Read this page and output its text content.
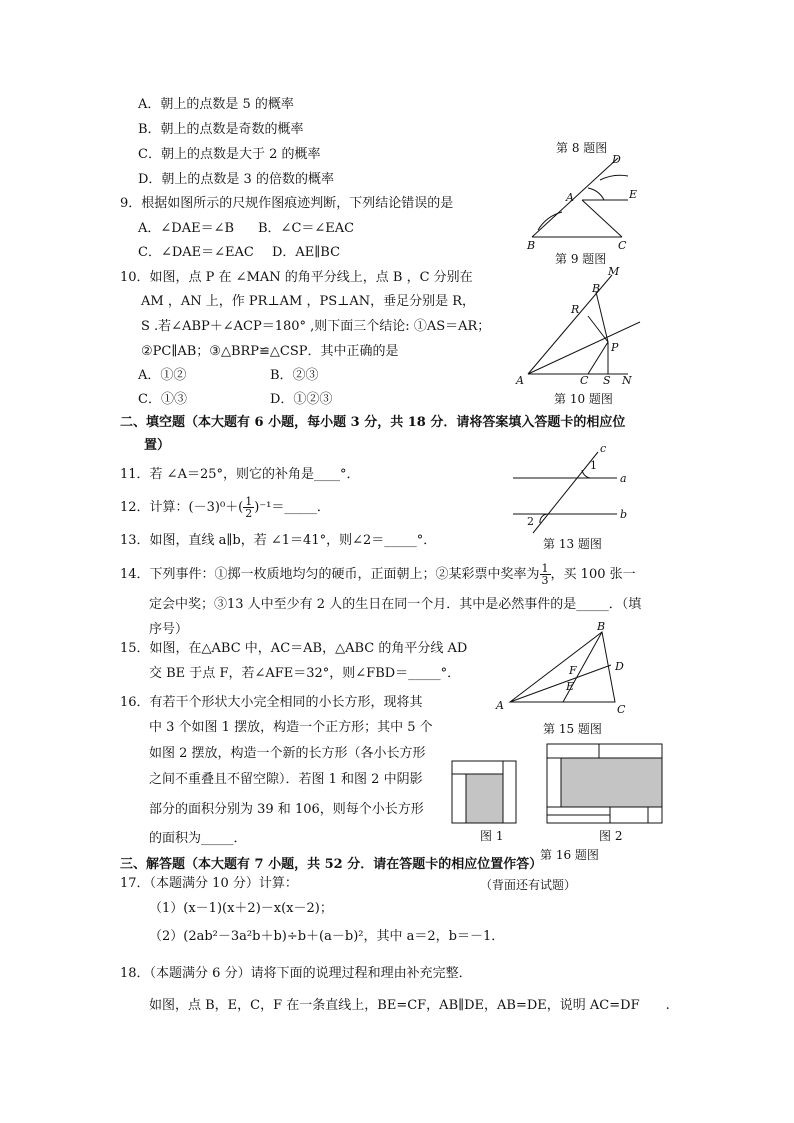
A．朝上的点数是 5 的概率
B．朝上的点数是奇数的概率
C．朝上的点数是大于 2 的概率
D．朝上的点数是 3 的倍数的概率
第 8 题图
9．根据如图所示的尺规作图痕迹判断，下列结论错误的是
A．∠DAE＝∠B B．∠C＝∠EAC
C．∠DAE＝∠EAC D．AE∥BC
D
E
A
B	C
第 9 题图
10．如图，点 P 在 ∠MAN 的角平分线上，点 B ，C 分别在
AM ，AN 上，作 PR⊥AM ，PS⊥AN，垂足分别是 R，
S .若∠ABP＋∠ACP＝180° ,则下面三个结论: ①AS＝AR；
②PC∥AB；③△BRP≌△CSP．其中正确的是
A．①②	B．②③
C．①③	D．①②③
M
B
R
P
A	C S N
第 10 题图
二、填空题（本大题有 6 小题，每小题 3 分，共 18 分．请将答案填入答题卡的相应位
置）
11．若 ∠A＝25°，则它的补角是____°．
12．计算：$(-3)^0+( \frac{1}{2}$ )⁻¹＝_____．
13．如图，直线 a∥b，若 ∠1＝41°，则∠2＝_____°．
c
a
b
1
2
第 13 题图
14．下列事件：①掷一枚质地均匀的硬币，正面朝上；②某彩票中奖率为 $\frac{1}{3}$ ，买 100 张一
定会中奖；③13 人中至少有 2 人的生日在同一个月．其中是必然事件的是_____．（填
序号）
15．如图，在△ABC 中，AC＝AB，△ABC 的角平分线 AD
交 BE 于点 F，若∠AFE＝32°，则∠FBD＝_____°．
B
A	C
D
E
F
第 15 题图
16．有若干个形状大小完全相同的小长方形，现将其
中 3 个如图 1 摆放，构造一个正方形；其中 5 个
如图 2 摆放，构造一个新的长方形（各小长方形
之间不重叠且不留空隙）．若图 1 和图 2 中阴影
部分的面积分别为 39 和 106，则每个小长方形
的面积为_____．	图 1	图 2
第 16 题图
三、解答题（本大题有 7 小题，共 52 分．请在答题卡的相应位置作答）
（背面还有试题）
17．（本题满分 10 分）计算：
（1）(x－1)(x＋2)－x(x－2)；
（2）(2ab²－3a²b＋b)÷b＋(a－b)²，其中 a＝2，b＝－1．
18．（本题满分 6 分）请将下面的说理过程和理由补充完整．
如图，点 B，E，C，F 在一条直线上，BE=CF，AB∥DE，AB=DE，说明 AC=DF　　.
